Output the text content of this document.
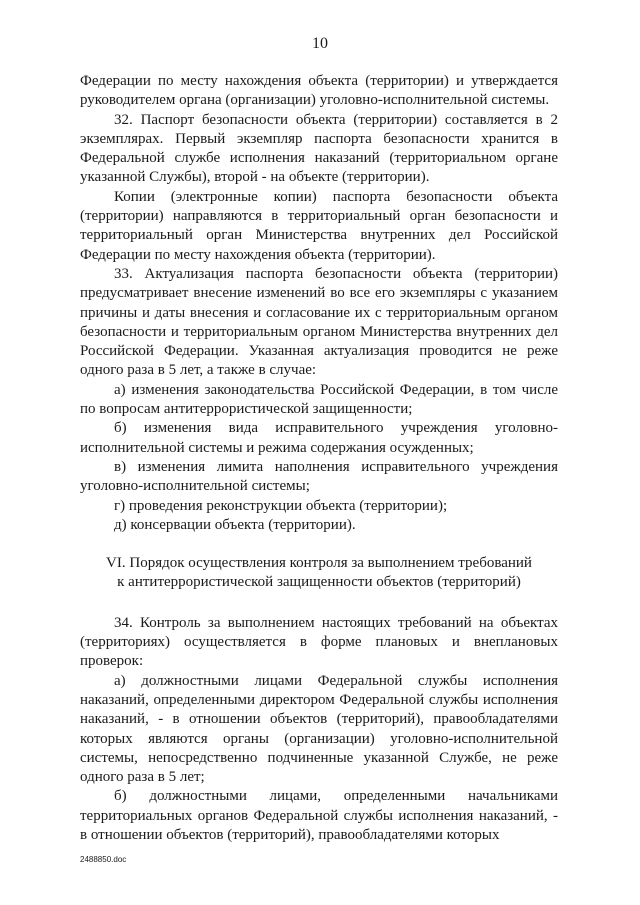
10

Федерации по месту нахождения объекта (территории) и утверждается руководителем органа (организации) уголовно-исполнительной системы.

32. Паспорт безопасности объекта (территории) составляется в 2 экземплярах. Первый экземпляр паспорта безопасности хранится в Федеральной службе исполнения наказаний (территориальном органе указанной Службы), второй - на объекте (территории).

Копии (электронные копии) паспорта безопасности объекта (территории) направляются в территориальный орган безопасности и территориальный орган Министерства внутренних дел Российской Федерации по месту нахождения объекта (территории).

33. Актуализация паспорта безопасности объекта (территории) предусматривает внесение изменений во все его экземпляры с указанием причины и даты внесения и согласование их с территориальным органом безопасности и территориальным органом Министерства внутренних дел Российской Федерации. Указанная актуализация проводится не реже одного раза в 5 лет, а также в случае:

а) изменения законодательства Российской Федерации, в том числе по вопросам антитеррористической защищенности;

б) изменения вида исправительного учреждения уголовно-исполнительной системы и режима содержания осужденных;

в) изменения лимита наполнения исправительного учреждения уголовно-исполнительной системы;

г) проведения реконструкции объекта (территории);

д) консервации объекта (территории).

VI. Порядок осуществления контроля за выполнением требований
к антитеррористической защищенности объектов (территорий)

34. Контроль за выполнением настоящих требований на объектах (территориях) осуществляется в форме плановых и внеплановых проверок:

а) должностными лицами Федеральной службы исполнения наказаний, определенными директором Федеральной службы исполнения наказаний, - в отношении объектов (территорий), правообладателями которых являются органы (организации) уголовно-исполнительной системы, непосредственно подчиненные указанной Службе, не реже одного раза в 5 лет;

б) должностными лицами, определенными начальниками территориальных органов Федеральной службы исполнения наказаний, - в отношении объектов (территорий), правообладателями которых

2488850.doc
